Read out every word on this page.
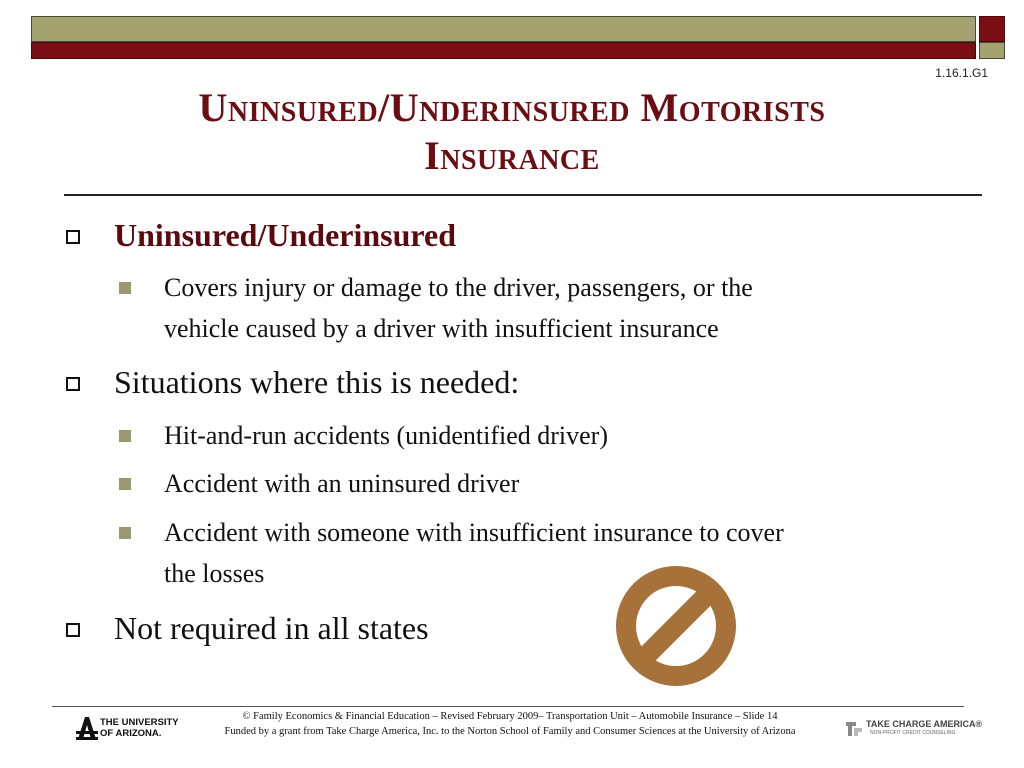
1.16.1.G1
Uninsured/Underinsured Motorists
Insurance
Uninsured/Underinsured
Covers injury or damage to the driver, passengers, or the
vehicle caused by a driver with insufficient insurance
Situations where this is needed:
Hit-and-run accidents (unidentified driver)
Accident with an uninsured driver
Accident with someone with insufficient insurance to cover
the losses
Not required in all states
THE UNIVERSITY
OF ARIZONA.
© Family Economics & Financial Education – Revised February 2009– Transportation Unit – Automobile Insurance – Slide 14
Funded by a grant from Take Charge America, Inc. to the Norton School of Family and Consumer Sciences at the University of Arizona
TAKE CHARGE AMERICA®
NON-PROFIT CREDIT COUNSELING
